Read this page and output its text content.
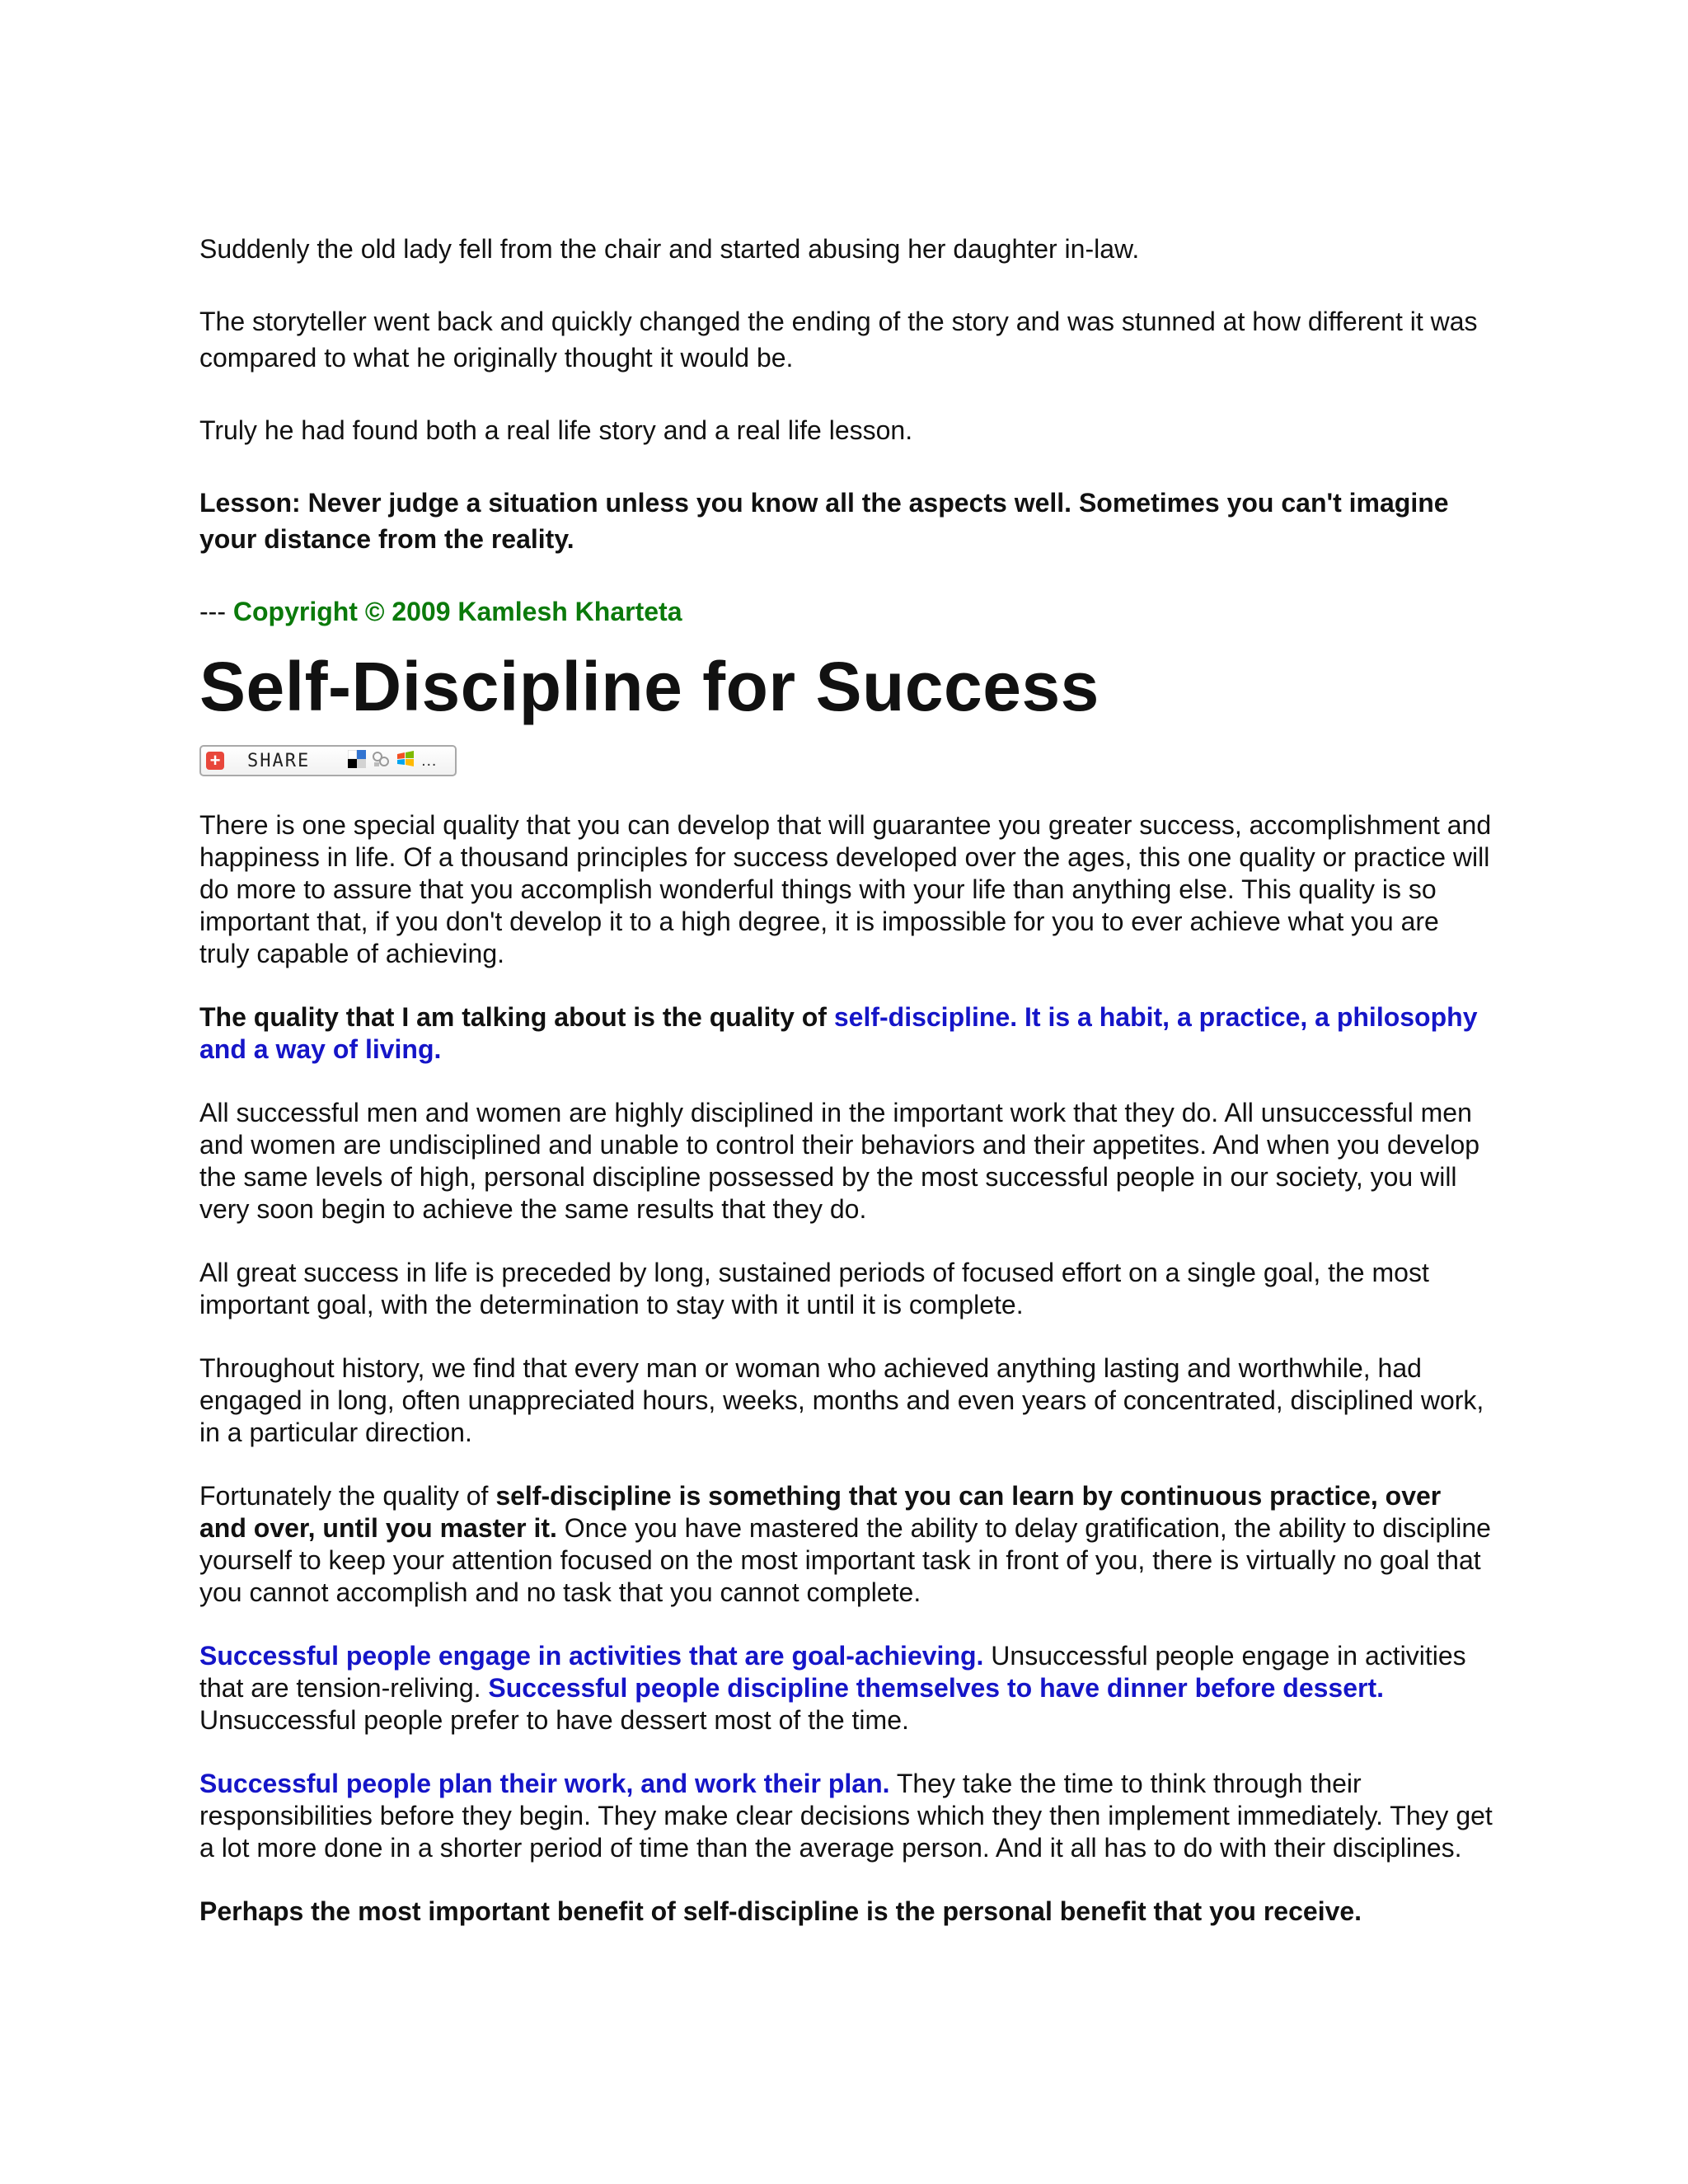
Suddenly the old lady fell from the chair and started abusing her daughter in-law.

The storyteller went back and quickly changed the ending of the story and was stunned at how different it was compared to what he originally thought it would be.

Truly he had found both a real life story and a real life lesson.

Lesson: Never judge a situation unless you know all the aspects well. Sometimes you can't imagine your distance from the reality.

--- Copyright © 2009 Kamlesh Kharteta

Self-Discipline for Success
+ SHARE	…

There is one special quality that you can develop that will guarantee you greater success, accomplishment and happiness in life. Of a thousand principles for success developed over the ages, this one quality or practice will do more to assure that you accomplish wonderful things with your life than anything else. This quality is so important that, if you don't develop it to a high degree, it is impossible for you to ever achieve what you are truly capable of achieving.

The quality that I am talking about is the quality of self-discipline. It is a habit, a practice, a philosophy and a way of living.

All successful men and women are highly disciplined in the important work that they do. All unsuccessful men and women are undisciplined and unable to control their behaviors and their appetites. And when you develop the same levels of high, personal discipline possessed by the most successful people in our society, you will very soon begin to achieve the same results that they do.

All great success in life is preceded by long, sustained periods of focused effort on a single goal, the most important goal, with the determination to stay with it until it is complete.

Throughout history, we find that every man or woman who achieved anything lasting and worthwhile, had engaged in long, often unappreciated hours, weeks, months and even years of concentrated, disciplined work, in a particular direction.

Fortunately the quality of self-discipline is something that you can learn by continuous practice, over and over, until you master it. Once you have mastered the ability to delay gratification, the ability to discipline yourself to keep your attention focused on the most important task in front of you, there is virtually no goal that you cannot accomplish and no task that you cannot complete.

Successful people engage in activities that are goal-achieving. Unsuccessful people engage in activities that are tension-reliving. Successful people discipline themselves to have dinner before dessert. Unsuccessful people prefer to have dessert most of the time.

Successful people plan their work, and work their plan. They take the time to think through their responsibilities before they begin. They make clear decisions which they then implement immediately. They get a lot more done in a shorter period of time than the average person. And it all has to do with their disciplines.

Perhaps the most important benefit of self-discipline is the personal benefit that you receive.
